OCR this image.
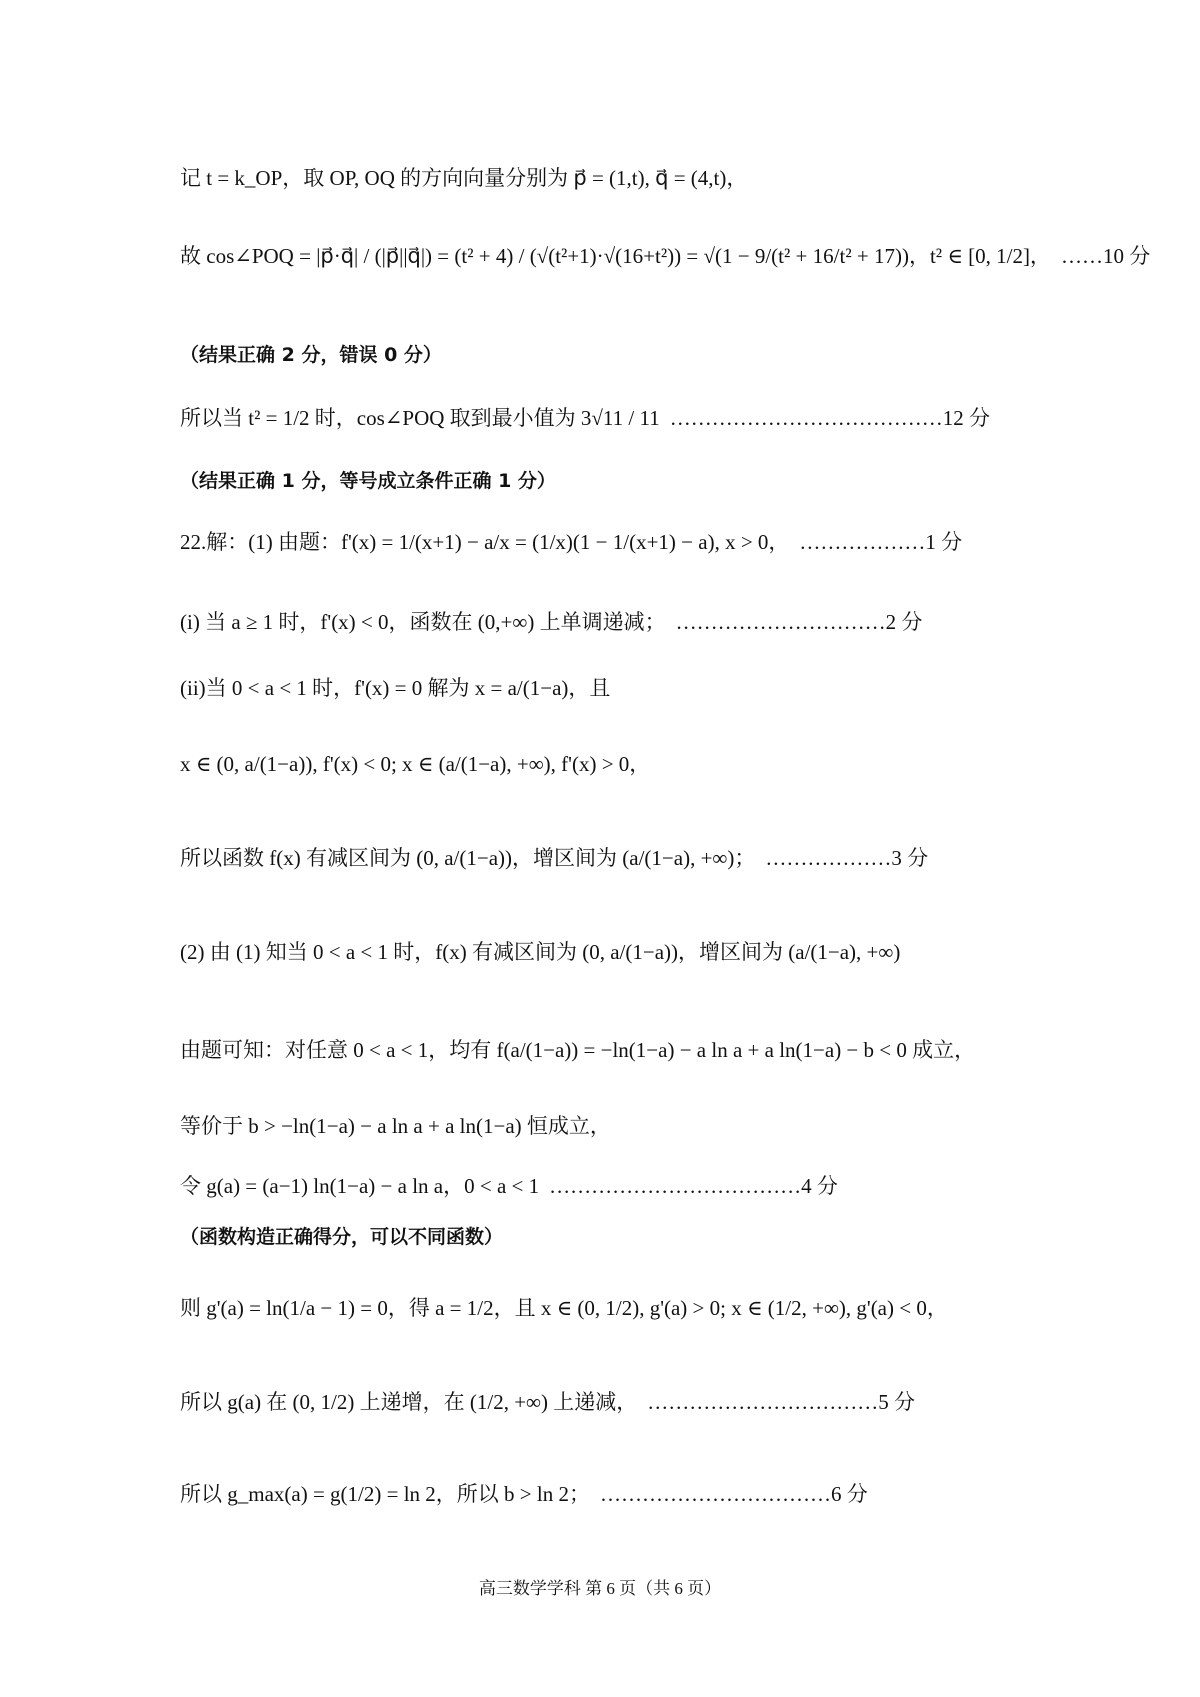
记 t = k_OP，取 OP, OQ 的方向向量分别为 p⃗ = (1,t), q⃗ = (4,t)，
故 cos∠POQ = |p⃗·q⃗| / (|p⃗||q⃗|) = (t² + 4) / (√(t²+1)·√(16+t²)) = √(1 − 9/(t² + 16/t² + 17))，t² ∈ [0, 1/2]， ……10 分
（结果正确 2 分，错误 0 分）
所以当 t² = 1/2 时，cos∠POQ 取到最小值为 3√11 / 11 …………………………………12 分
（结果正确 1 分，等号成立条件正确 1 分）
22.解：(1) 由题：f'(x) = 1/(x+1) − a/x = (1/x)(1 − 1/(x+1) − a), x > 0， ………………1 分
(i) 当 a ≥ 1 时，f'(x) < 0，函数在 (0,+∞) 上单调递减； …………………………2 分
(ii)当 0 < a < 1 时，f'(x) = 0 解为 x = a/(1−a)，且
x ∈ (0, a/(1−a)), f'(x) < 0; x ∈ (a/(1−a), +∞), f'(x) > 0，
所以函数 f(x) 有减区间为 (0, a/(1−a))，增区间为 (a/(1−a), +∞)； ………………3 分
(2) 由 (1) 知当 0 < a < 1 时，f(x) 有减区间为 (0, a/(1−a))，增区间为 (a/(1−a), +∞)
由题可知：对任意 0 < a < 1，均有 f(a/(1−a)) = −ln(1−a) − a ln a + a ln(1−a) − b < 0 成立，
等价于 b > −ln(1−a) − a ln a + a ln(1−a) 恒成立，
令 g(a) = (a−1) ln(1−a) − a ln a，0 < a < 1 ………………………………4 分
（函数构造正确得分，可以不同函数）
则 g'(a) = ln(1/a − 1) = 0，得 a = 1/2，且 x ∈ (0, 1/2), g'(a) > 0; x ∈ (1/2, +∞), g'(a) < 0，
所以 g(a) 在 (0, 1/2) 上递增，在 (1/2, +∞) 上递减， ……………………………5 分
所以 g_max(a) = g(1/2) = ln 2，所以 b > ln 2； ……………………………6 分
高三数学学科 第 6 页（共 6 页）
